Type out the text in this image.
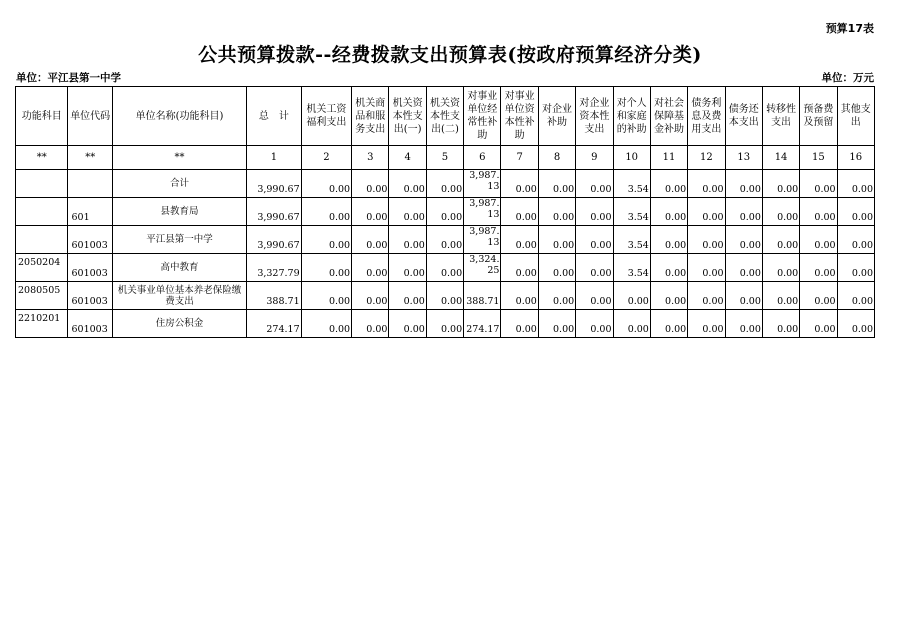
预算17表
公共预算拨款--经费拨款支出预算表(按政府预算经济分类)
单位：平江县第一中学	单位：万元
功能科目	单位代码	单位名称(功能科目)	总　计	机关工资福利支出	机关商品和服务支出	机关资本性支出(一)	机关资本性支出(二)	对事业单位经常性补助	对事业单位资本性补助	对企业补助	对企业资本性支出	对个人和家庭的补助	对社会保障基金补助	债务利息及费用支出	债务还本支出	转移性支出	预备费及预留	其他支出
**	**	**	1	2	3	4	5	6	7	8	9	10	11	12	13	14	15	16
		合计	3,990.67	0.00	0.00	0.00	0.00	3,987.13	0.00	0.00	0.00	3.54	0.00	0.00	0.00	0.00	0.00	0.00
	601	县教育局	3,990.67	0.00	0.00	0.00	0.00	3,987.13	0.00	0.00	0.00	3.54	0.00	0.00	0.00	0.00	0.00	0.00
	601003	平江县第一中学	3,990.67	0.00	0.00	0.00	0.00	3,987.13	0.00	0.00	0.00	3.54	0.00	0.00	0.00	0.00	0.00	0.00
2050204	601003	高中教育	3,327.79	0.00	0.00	0.00	0.00	3,324.25	0.00	0.00	0.00	3.54	0.00	0.00	0.00	0.00	0.00	0.00
2080505	601003	机关事业单位基本养老保险缴费支出	388.71	0.00	0.00	0.00	0.00	388.71	0.00	0.00	0.00	0.00	0.00	0.00	0.00	0.00	0.00	0.00
2210201	601003	住房公积金	274.17	0.00	0.00	0.00	0.00	274.17	0.00	0.00	0.00	0.00	0.00	0.00	0.00	0.00	0.00	0.00
